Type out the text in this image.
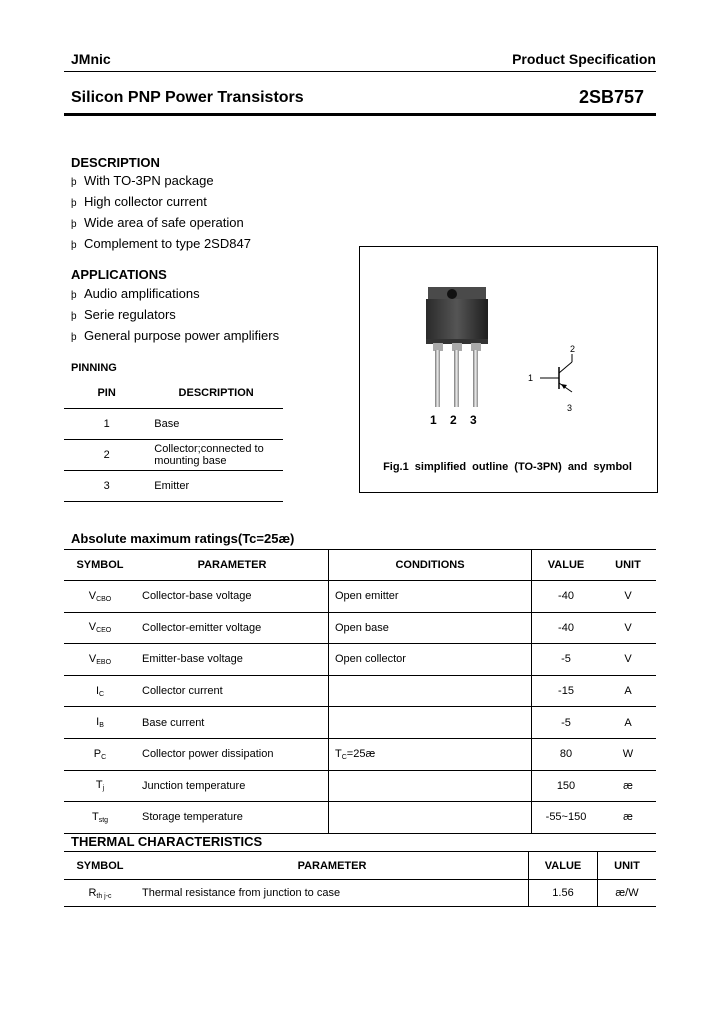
JMnic	Product Specification
Silicon PNP Power Transistors	2SB757
DESCRIPTION
þ With TO-3PN package
þ High collector current
þ Wide area of safe operation
þ Complement to type 2SD847
APPLICATIONS
þ Audio amplifications
þ Serie regulators
þ General purpose power amplifiers
PINNING
PIN	DESCRIPTION
1	Base
2	Collector;connected to mounting base
3	Emitter
1 2 3
1
2
3
Fig.1 simplified outline (TO-3PN) and symbol
Absolute maximum ratings(Tc=25æ)
SYMBOL	PARAMETER	CONDITIONS	VALUE	UNIT
$V_{CBO}$	Collector-base voltage	Open emitter	-40	V
$V_{CEO}$	Collector-emitter voltage	Open base	-40	V
$V_{EBO}$	Emitter-base voltage	Open collector	-5	V
$I_C$	Collector current		-15	A
$I_B$	Base current		-5	A
$P_C$	Collector power dissipation	$T_C=25æ$	80	W
$T_j$	Junction temperature		150	æ
$T_{stg}$	Storage temperature		-55~150	æ
THERMAL CHARACTERISTICS
SYMBOL	PARAMETER	VALUE	UNIT
$R_{th j-c}$	Thermal resistance from junction to case	1.56	æ/W
